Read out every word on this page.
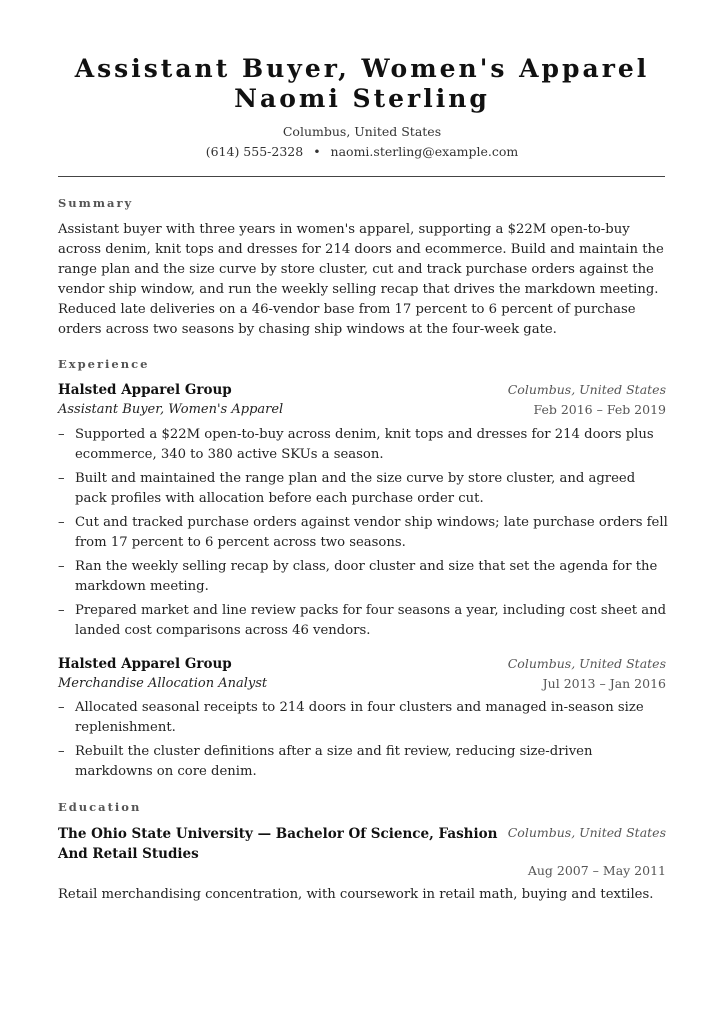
Assistant Buyer, Women's Apparel
Naomi Sterling
Columbus, United States
(614) 555-2328 • naomi.sterling@example.com
Summary
Assistant buyer with three years in women's apparel, supporting a $22M open-to-buy across denim, knit tops and dresses for 214 doors and ecommerce. Build and maintain the range plan and the size curve by store cluster, cut and track purchase orders against the vendor ship window, and run the weekly selling recap that drives the markdown meeting. Reduced late deliveries on a 46-vendor base from 17 percent to 6 percent of purchase orders across two seasons by chasing ship windows at the four-week gate.
Experience
Halsted Apparel Group	Columbus, United States
Assistant Buyer, Women's Apparel	Feb 2016 – Feb 2019
– Supported a $22M open-to-buy across denim, knit tops and dresses for 214 doors plus ecommerce, 340 to 380 active SKUs a season.
– Built and maintained the range plan and the size curve by store cluster, and agreed pack profiles with allocation before each purchase order cut.
– Cut and tracked purchase orders against vendor ship windows; late purchase orders fell from 17 percent to 6 percent across two seasons.
– Ran the weekly selling recap by class, door cluster and size that set the agenda for the markdown meeting.
– Prepared market and line review packs for four seasons a year, including cost sheet and landed cost comparisons across 46 vendors.
Halsted Apparel Group	Columbus, United States
Merchandise Allocation Analyst	Jul 2013 – Jan 2016
– Allocated seasonal receipts to 214 doors in four clusters and managed in-season size replenishment.
– Rebuilt the cluster definitions after a size and fit review, reducing size-driven markdowns on core denim.
Education
The Ohio State University — Bachelor Of Science, Fashion And Retail Studies
Columbus, United States
Aug 2007 – May 2011
Retail merchandising concentration, with coursework in retail math, buying and textiles.
